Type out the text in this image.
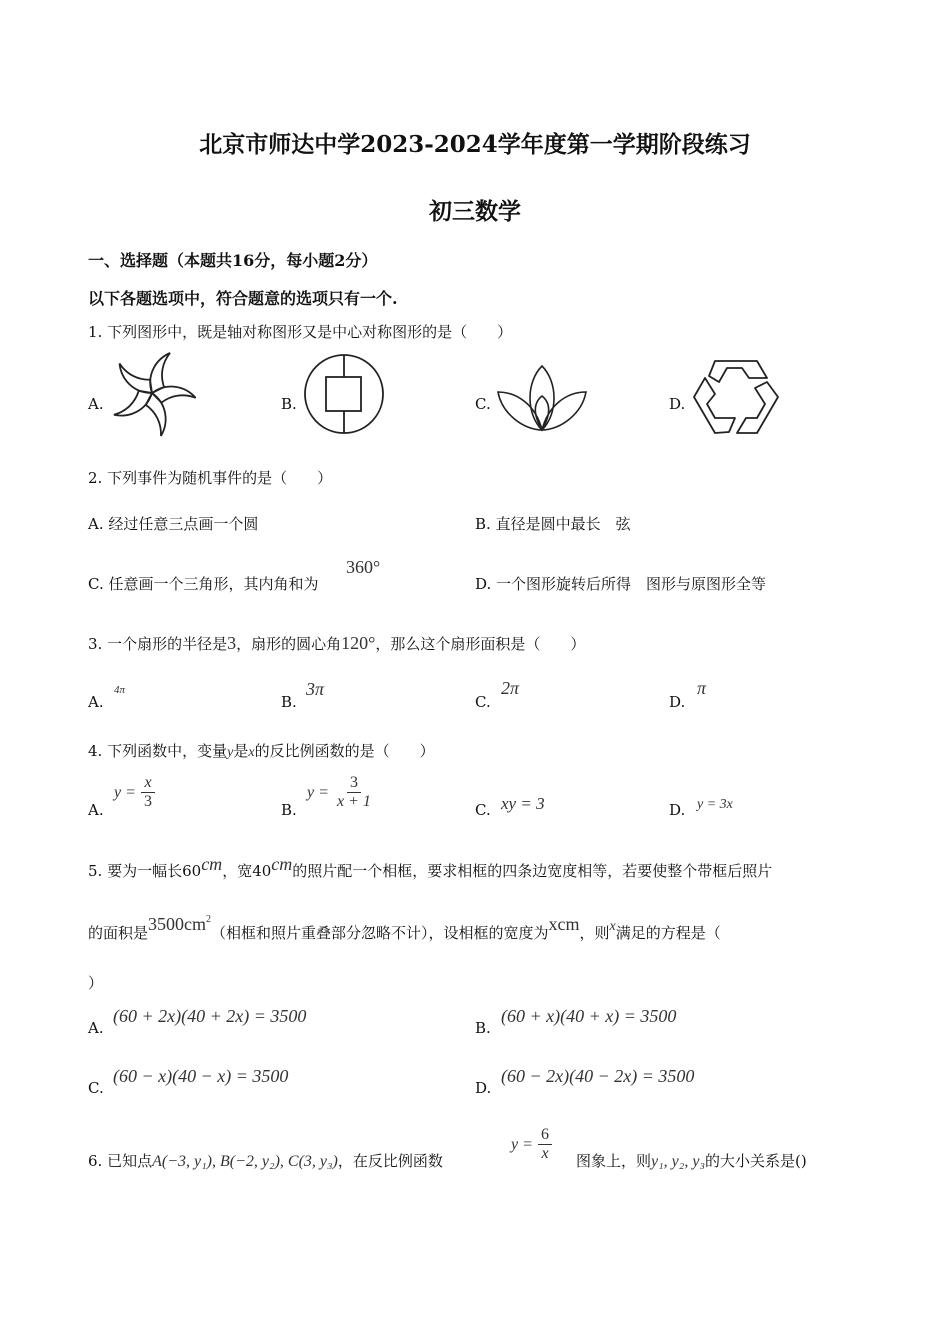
北京市师达中学2023-2024学年度第一学期阶段练习
初三数学
一、选择题（本题共16分，每小题2分）
以下各题选项中，符合题意的选项只有一个.
1. 下列图形中，既是轴对称图形又是中心对称图形的是（　　）
A.	B.	C.	D.
2. 下列事件为随机事件的是（　　）
A. 经过任意三点画一个圆	B. 直径是圆中最长　弦
C. 任意画一个三角形，其内角和为
360°
D. 一个图形旋转后所得　图形与原图形全等
3. 一个扇形的半径是3，扇形的圆心角120°，那么这个扇形面积是（　　）
A.
4π
B.
3π
C.
2π
D.
π
4. 下列函数中，变量y是x的反比例函数的是（　　）
A.
$y = \frac{x}{3}$	B.
$y = \frac{3}{x + 1}$	C. xy = 3	D. y = 3x
5. 要为一幅长60cm，宽40cm的照片配一个相框，要求相框的四条边宽度相等，若要使整个带框后照片
的面积是$3500cm^2$（相框和照片重叠部分忽略不计），设相框的宽度为xcm，则x满足的方程是（
）
A.
(60 + 2x)(40 + 2x) = 3500
B.
(60 + x)(40 + x) = 3500
C.
(60 − x)(40 − x) = 3500
D.
(60 − 2x)(40 − 2x) = 3500
6. 已知点A(−3, y₁), B(−2, y₂), C(3, y₃)，在反比例函数
$y = \frac{6}{x}$ 图象上，则y₁, y₂, y₃的大小关系是()
